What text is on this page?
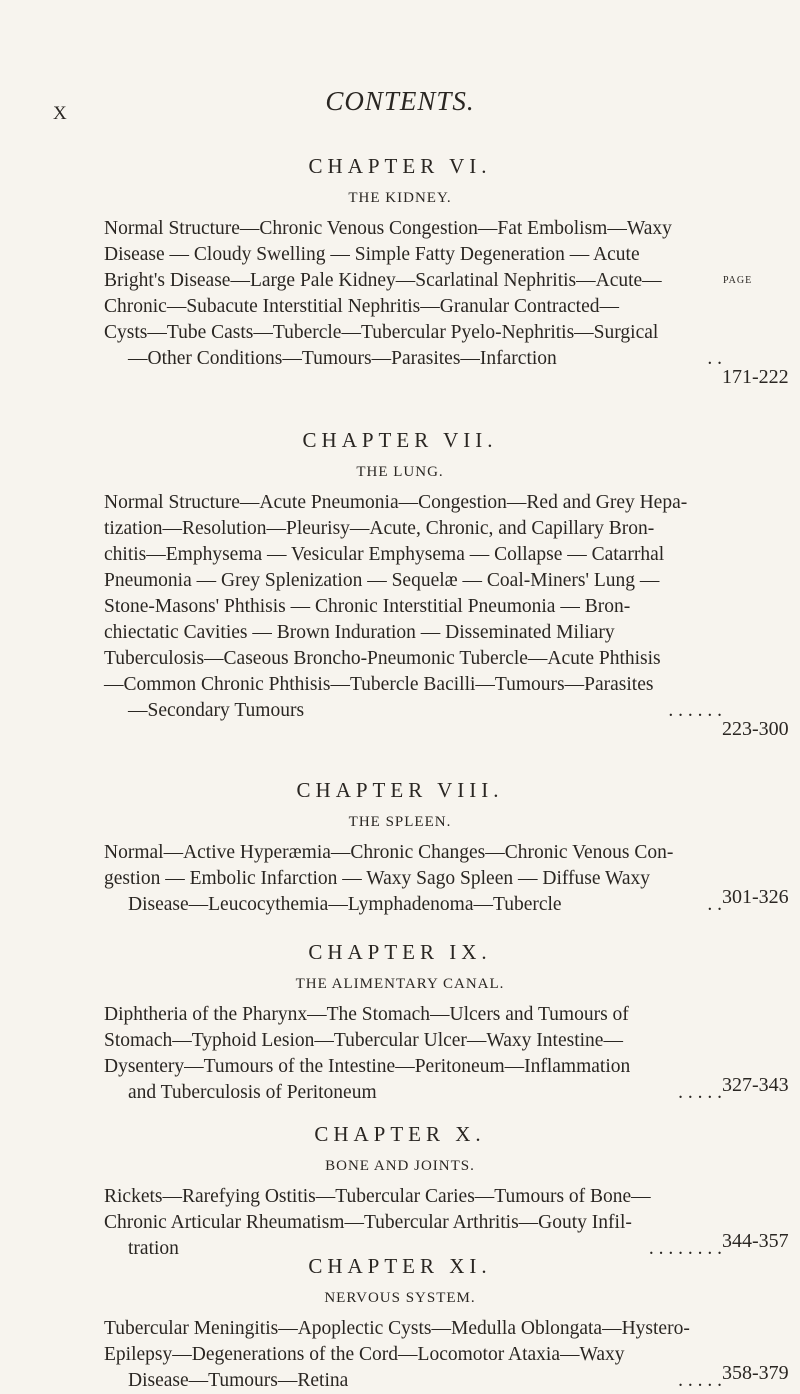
X	CONTENTS.
PAGE
CHAPTER VI.
THE KIDNEY.

Normal Structure—Chronic Venous Congestion—Fat Embolism—Waxy

Disease — Cloudy Swelling — Simple Fatty Degeneration — Acute

Bright's Disease—Large Pale Kidney—Scarlatinal Nephritis—Acute—

Chronic—Subacute Interstitial Nephritis—Granular Contracted—

Cysts—Tube Casts—Tubercle—Tubercular Pyelo-Nephritis—Surgical

—Other Conditions—Tumours—Parasites—Infarction	. .
171-222
CHAPTER VII.
THE LUNG.

Normal Structure—Acute Pneumonia—Congestion—Red and Grey Hepa-

tization—Resolution—Pleurisy—Acute, Chronic, and Capillary Bron-

chitis—Emphysema — Vesicular Emphysema — Collapse — Catarrhal

Pneumonia — Grey Splenization — Sequelæ — Coal-Miners' Lung —

Stone-Masons' Phthisis — Chronic Interstitial Pneumonia — Bron-

chiectatic Cavities — Brown Induration — Disseminated Miliary

Tuberculosis—Caseous Broncho-Pneumonic Tubercle—Acute Phthisis

—Common Chronic Phthisis—Tubercle Bacilli—Tumours—Parasites

—Secondary Tumours	. . . . . .
223-300
CHAPTER VIII.
THE SPLEEN.

Normal—Active Hyperæmia—Chronic Changes—Chronic Venous Con-

gestion — Embolic Infarction — Waxy Sago Spleen — Diffuse Waxy

Disease—Leucocythemia—Lymphadenoma—Tubercle	. . 301-326
CHAPTER IX.
THE ALIMENTARY CANAL.

Diphtheria of the Pharynx—The Stomach—Ulcers and Tumours of

Stomach—Typhoid Lesion—Tubercular Ulcer—Waxy Intestine—

Dysentery—Tumours of the Intestine—Peritoneum—Inflammation

and Tuberculosis of Peritoneum	. . . . . 327-343
CHAPTER X.
BONE AND JOINTS.

Rickets—Rarefying Ostitis—Tubercular Caries—Tumours of Bone—

Chronic Articular Rheumatism—Tubercular Arthritis—Gouty Infil-

tration	. . . . . . . . 344-357
CHAPTER XI.
NERVOUS SYSTEM.

Tubercular Meningitis—Apoplectic Cysts—Medulla Oblongata—Hystero-

Epilepsy—Degenerations of the Cord—Locomotor Ataxia—Waxy

Disease—Tumours—Retina	. . . . . 358-379
